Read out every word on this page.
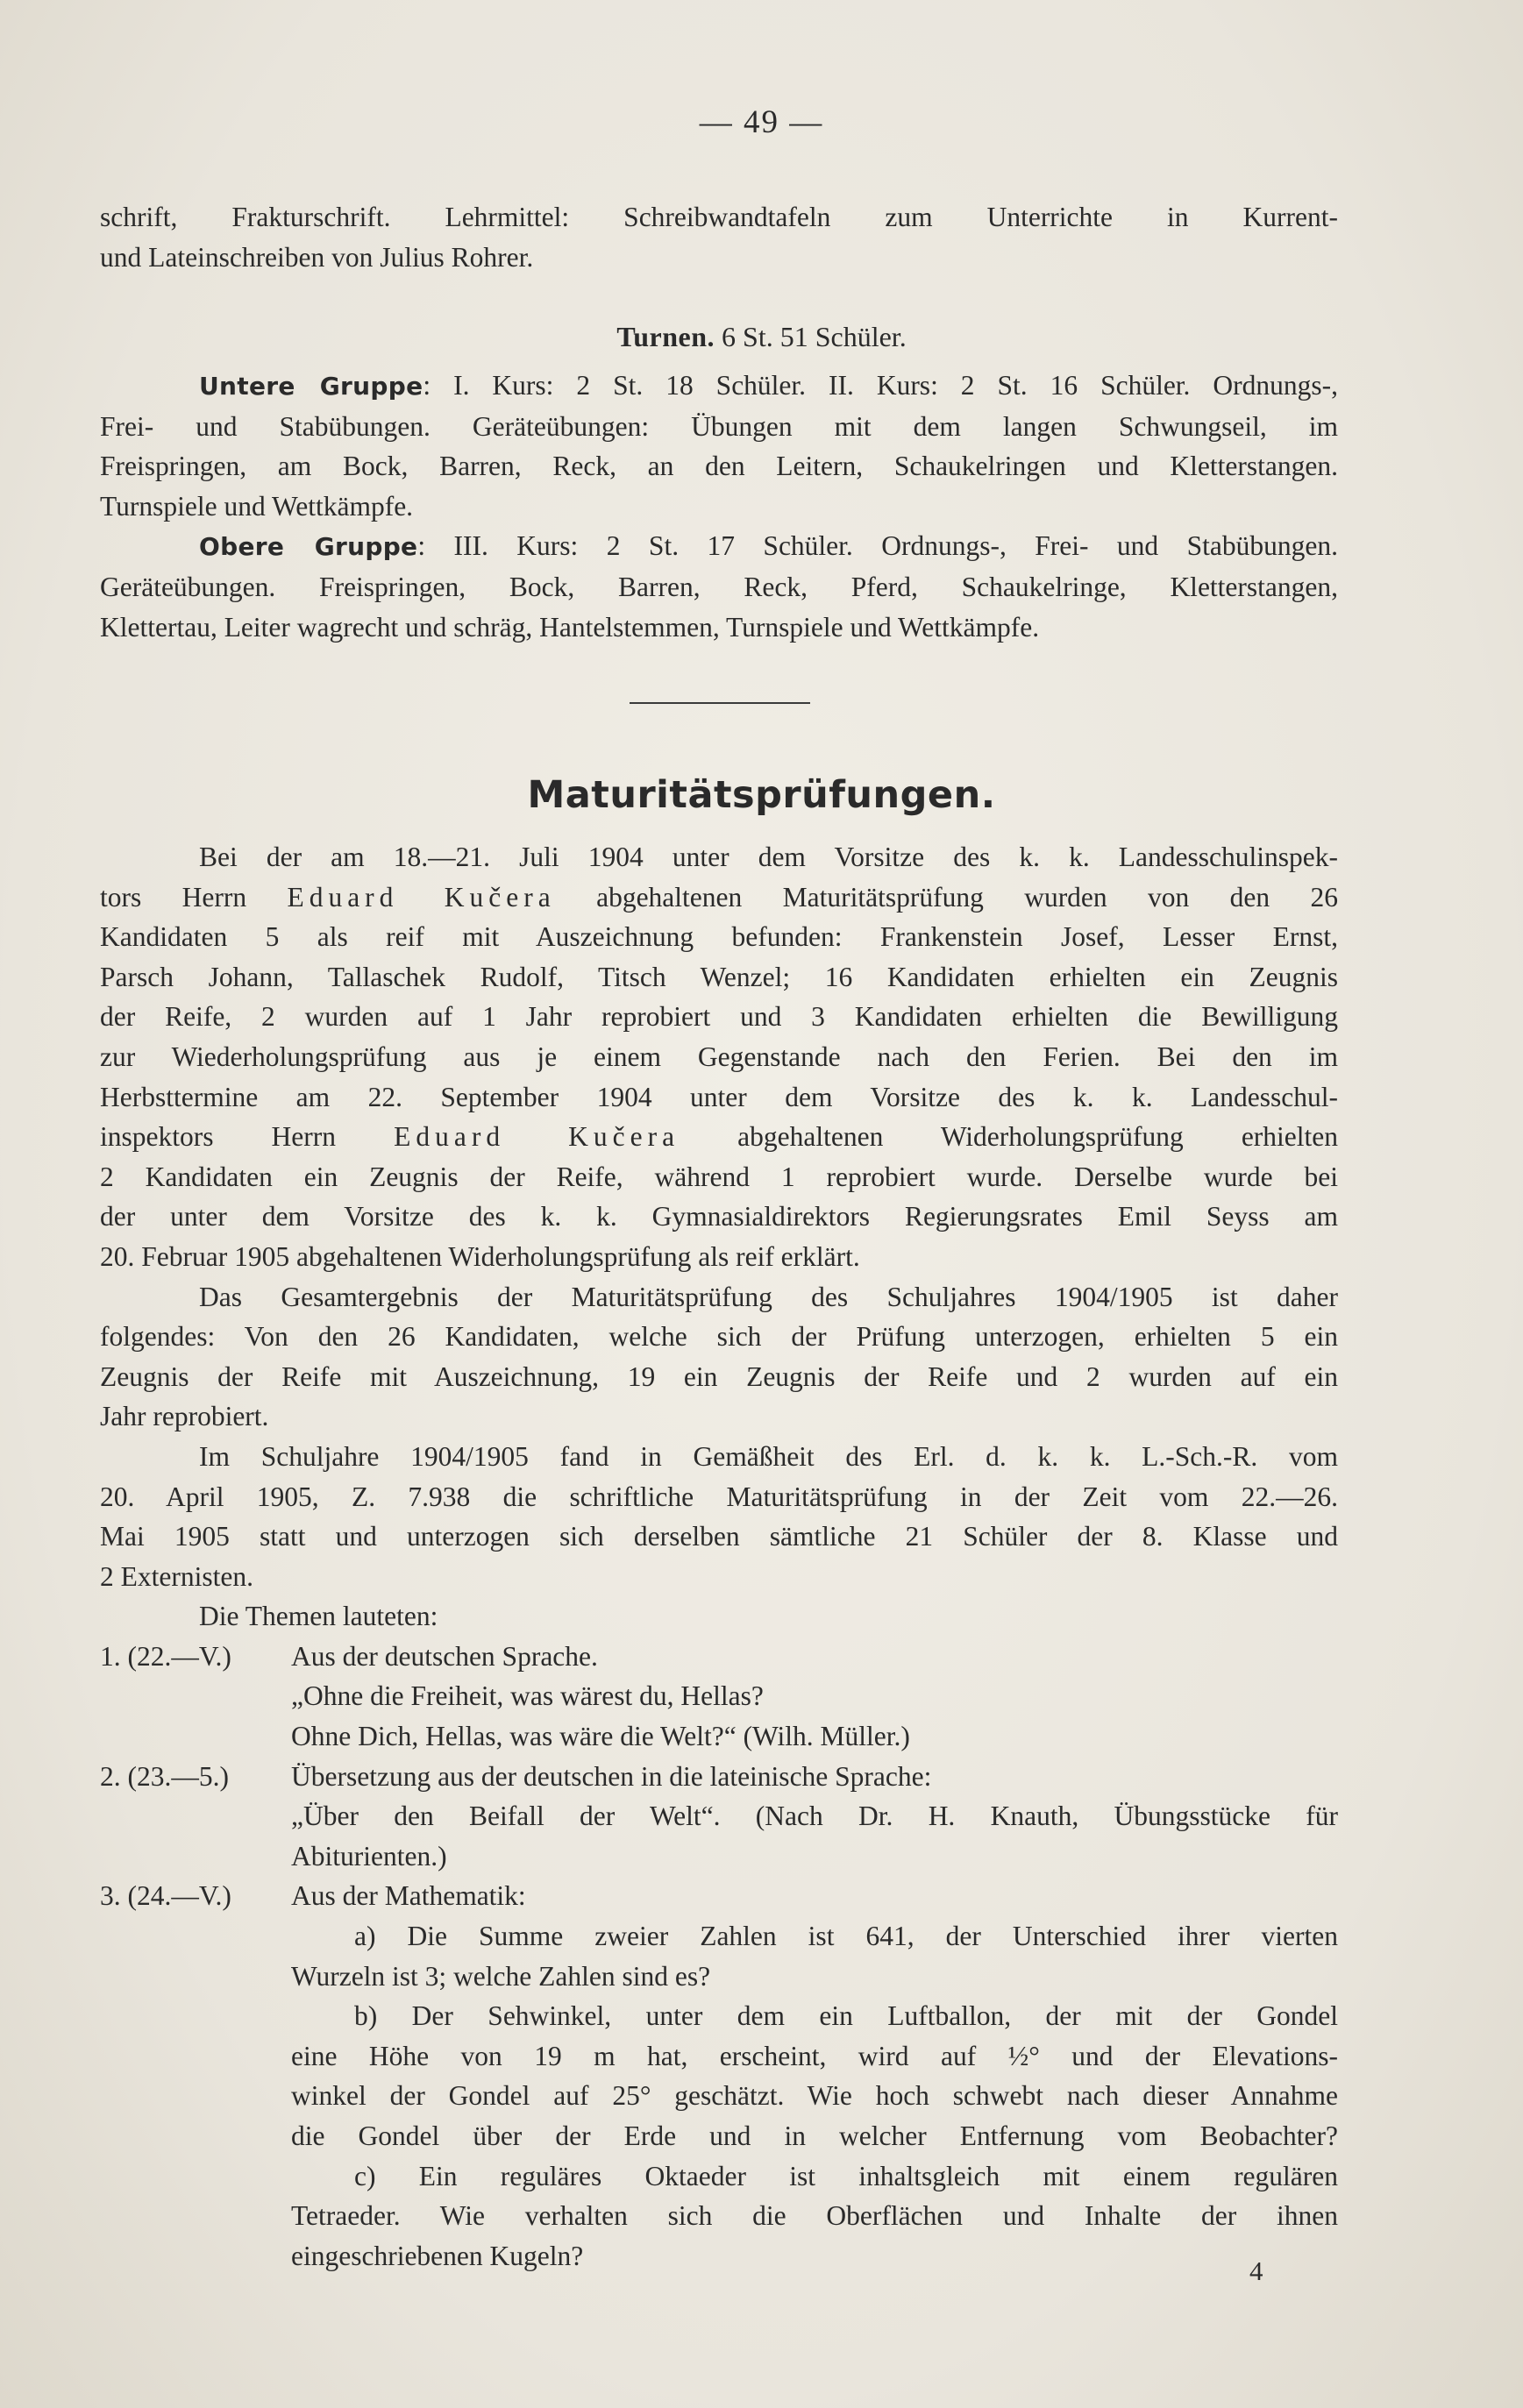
— 49 —
schrift, Frakturschrift. Lehrmittel: Schreibwandtafeln zum Unterrichte in Kurrent-
und Lateinschreiben von Julius Rohrer.
Turnen. 6 St. 51 Schüler.
Untere Gruppe: I. Kurs: 2 St. 18 Schüler. II. Kurs: 2 St. 16 Schüler. Ordnungs-,
Frei- und Stabübungen. Geräteübungen: Übungen mit dem langen Schwungseil, im
Freispringen, am Bock, Barren, Reck, an den Leitern, Schaukelringen und Kletterstangen.
Turnspiele und Wettkämpfe.
Obere Gruppe: III. Kurs: 2 St. 17 Schüler. Ordnungs-, Frei- und Stabübungen.
Geräteübungen. Freispringen, Bock, Barren, Reck, Pferd, Schaukelringe, Kletterstangen,
Klettertau, Leiter wagrecht und schräg, Hantelstemmen, Turnspiele und Wettkämpfe.
Maturitätsprüfungen.
Bei der am 18.—21. Juli 1904 unter dem Vorsitze des k. k. Landesschulinspek-
tors Herrn Eduard Kučera abgehaltenen Maturitätsprüfung wurden von den 26
Kandidaten 5 als reif mit Auszeichnung befunden: Frankenstein Josef, Lesser Ernst,
Parsch Johann, Tallaschek Rudolf, Titsch Wenzel; 16 Kandidaten erhielten ein Zeugnis
der Reife, 2 wurden auf 1 Jahr reprobiert und 3 Kandidaten erhielten die Bewilligung
zur Wiederholungsprüfung aus je einem Gegenstande nach den Ferien. Bei den im
Herbsttermine am 22. September 1904 unter dem Vorsitze des k. k. Landesschul-
inspektors Herrn Eduard Kučera abgehaltenen Widerholungsprüfung erhielten
2 Kandidaten ein Zeugnis der Reife, während 1 reprobiert wurde. Derselbe wurde bei
der unter dem Vorsitze des k. k. Gymnasialdirektors Regierungsrates Emil Seyss am
20. Februar 1905 abgehaltenen Widerholungsprüfung als reif erklärt.
Das Gesamtergebnis der Maturitätsprüfung des Schuljahres 1904/1905 ist daher
folgendes: Von den 26 Kandidaten, welche sich der Prüfung unterzogen, erhielten 5 ein
Zeugnis der Reife mit Auszeichnung, 19 ein Zeugnis der Reife und 2 wurden auf ein
Jahr reprobiert.
Im Schuljahre 1904/1905 fand in Gemäßheit des Erl. d. k. k. L.-Sch.-R. vom
20. April 1905, Z. 7.938 die schriftliche Maturitätsprüfung in der Zeit vom 22.—26.
Mai 1905 statt und unterzogen sich derselben sämtliche 21 Schüler der 8. Klasse und
2 Externisten.
Die Themen lauteten:
1. (22.—V.) Aus der deutschen Sprache.
„Ohne die Freiheit, was wärest du, Hellas?
Ohne Dich, Hellas, was wäre die Welt?“ (Wilh. Müller.)
2. (23.—5.) Übersetzung aus der deutschen in die lateinische Sprache:
„Über den Beifall der Welt“. (Nach Dr. H. Knauth, Übungsstücke für
Abiturienten.)
3. (24.—V.) Aus der Mathematik:
a) Die Summe zweier Zahlen ist 641, der Unterschied ihrer vierten
Wurzeln ist 3; welche Zahlen sind es?
b) Der Sehwinkel, unter dem ein Luftballon, der mit der Gondel
eine Höhe von 19 m hat, erscheint, wird auf ½° und der Elevations-
winkel der Gondel auf 25° geschätzt. Wie hoch schwebt nach dieser Annahme
die Gondel über der Erde und in welcher Entfernung vom Beobachter?
c) Ein reguläres Oktaeder ist inhaltsgleich mit einem regulären
Tetraeder. Wie verhalten sich die Oberflächen und Inhalte der ihnen
eingeschriebenen Kugeln?	4
